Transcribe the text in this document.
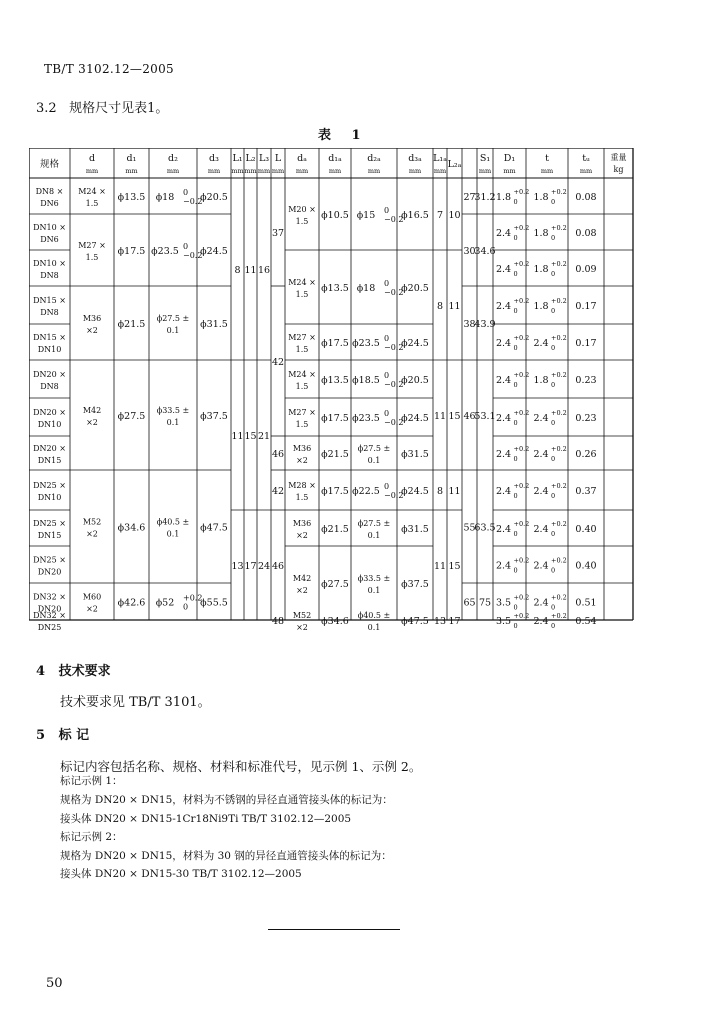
TB/T 3102.12—2005
3.2 规格尺寸见表1。
表 1
规格
d
mm
d₁
mm
d₂
mm
d₃
mm
L₁
mm
L₂
mm
L₃
mm
L
mm
dₐ
mm
d₁ₐ
mm
d₂ₐ
mm
d₃ₐ
mm
L₁ₐ
mm
L₂ₐ
S₁
mm
D₁
mm
t
mm
tᵤ
mm
重量
kg
DN8 ×
DN6
DN10 ×
DN6
DN10 ×
DN8
DN15 ×
DN8
DN15 ×
DN10
DN20 ×
DN8
DN20 ×
DN10
DN20 ×
DN15
DN25 ×
DN10
DN25 ×
DN15
DN25 ×
DN20
DN32 ×
DN20
DN32 ×
DN25
M24 ×
1.5
ϕ13.5 ϕ18 0
−0.2
ϕ20.5
M27 ×
1.5
ϕ17.5 ϕ23.5 0
−0.2
ϕ24.5
M36
×2
ϕ21.5
ϕ27.5 ±
0.1
ϕ31.5
M42
×2
ϕ27.5
ϕ33.5 ±
0.1
ϕ37.5
M52
×2
ϕ34.6
ϕ40.5 ±
0.1
ϕ47.5
M60
×2
ϕ42.6 ϕ52 +0.2
0 ϕ55.5
8 11 16
11 15 21
13 17 24
37
42
46
42
46
48
M20 ×
1.5
ϕ10.5 ϕ15 0
−0.2
ϕ16.5
M24 ×
1.5
ϕ13.5 ϕ18 0
−0.2
ϕ20.5
M27 ×
1.5
ϕ17.5 ϕ23.5 0
−0.2
ϕ24.5
M24 ×
1.5
ϕ13.5 ϕ18.5 0
−0.2
ϕ20.5
M27 ×
1.5
ϕ17.5 ϕ23.5 0
−0.2
ϕ24.5
M36
×2
ϕ21.5
ϕ27.5 ±
0.1
ϕ31.5
M28 ×
1.5
ϕ17.5 ϕ22.5 0
−0.2
ϕ24.5
M36
×2
ϕ21.5
ϕ27.5 ±
0.1
ϕ31.5
M42
×2
ϕ27.5
ϕ33.5 ±
0.1
ϕ37.5
M52
×2
ϕ34.6
ϕ40.5 ±
0.1
ϕ47.5
7 10
8 11
11 15
8 11
11 15
13 17
27
31.2
30
34.6
38
43.9
46
53.1
55
63.5
65 75
1.8 +0.2
0 1.8 +0.2
0 0.08
2.4 +0.2
0 1.8 +0.2
0 0.08
2.4 +0.2
0 1.8 +0.2
0 0.09
2.4 +0.2
0 1.8 +0.2
0 0.17
2.4 +0.2
0 2.4 +0.2
0 0.17
2.4 +0.2
0 1.8 +0.2
0 0.23
2.4 +0.2
0 2.4 +0.2
0 0.23
2.4 +0.2
0 2.4 +0.2
0 0.26
2.4 +0.2
0 2.4 +0.2
0 0.37
2.4 +0.2
0 2.4 +0.2
0 0.40
2.4 +0.2
0 2.4 +0.2
0 0.40
3.5 +0.2
0 2.4 +0.2
0 0.51
3.5 +0.2
0 2.4 +0.2
0 0.54
4 技术要求
技术要求见 TB/T 3101。
5 标 记
标记内容包括名称、规格、材料和标准代号，见示例 1、示例 2。
标记示例 1：
规格为 DN20 × DN15，材料为不锈钢的异径直通管接头体的标记为：
接头体 DN20 × DN15-1Cr18Ni9Ti TB/T 3102.12—2005
标记示例 2：
规格为 DN20 × DN15，材料为 30 钢的异径直通管接头体的标记为：
接头体 DN20 × DN15-30 TB/T 3102.12—2005
50
